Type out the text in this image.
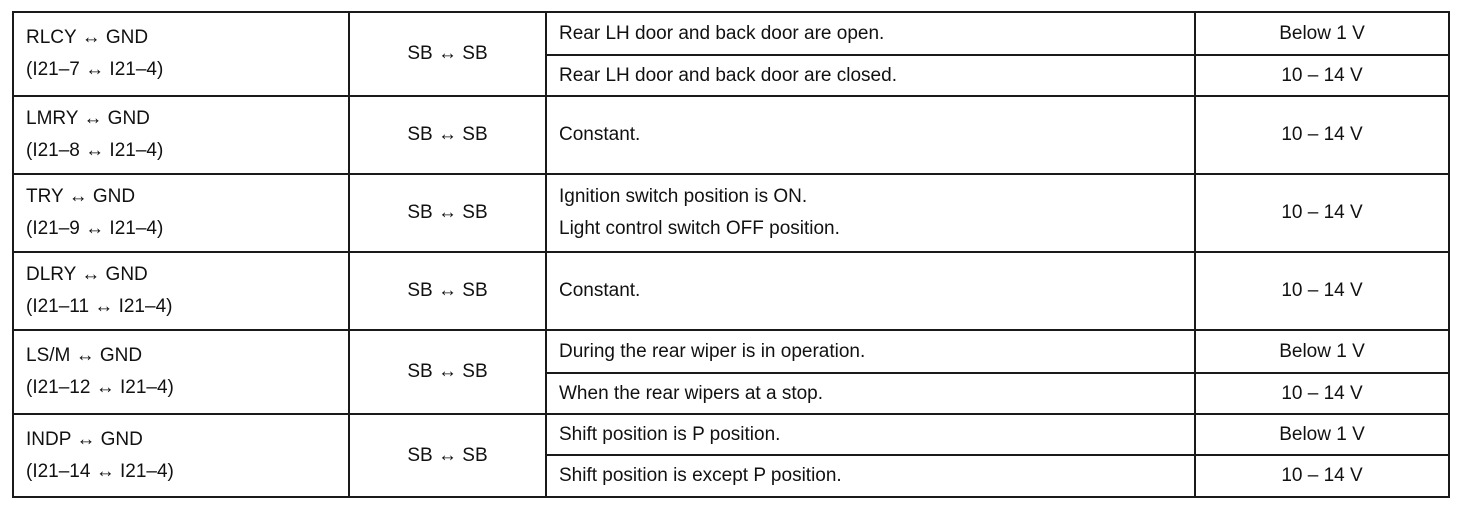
RLCY ↔ GND
(I21–7 ↔ I21–4)	SB ↔ SB	Rear LH door and back door are open.	Below 1 V

		Rear LH door and back door are closed.	10 – 14 V

LMRY ↔ GND
(I21–8 ↔ I21–4)	SB ↔ SB	Constant.	10 – 14 V

TRY ↔ GND
(I21–9 ↔ I21–4)	SB ↔ SB	Ignition switch position is ON.
Light control switch OFF position.	10 – 14 V

DLRY ↔ GND
(I21–11 ↔ I21–4)	SB ↔ SB	Constant.	10 – 14 V

LS/M ↔ GND
(I21–12 ↔ I21–4)	SB ↔ SB	During the rear wiper is in operation.	Below 1 V

		When the rear wipers at a stop.	10 – 14 V

INDP ↔ GND
(I21–14 ↔ I21–4)	SB ↔ SB	Shift position is P position.	Below 1 V

		Shift position is except P position.	10 – 14 V
